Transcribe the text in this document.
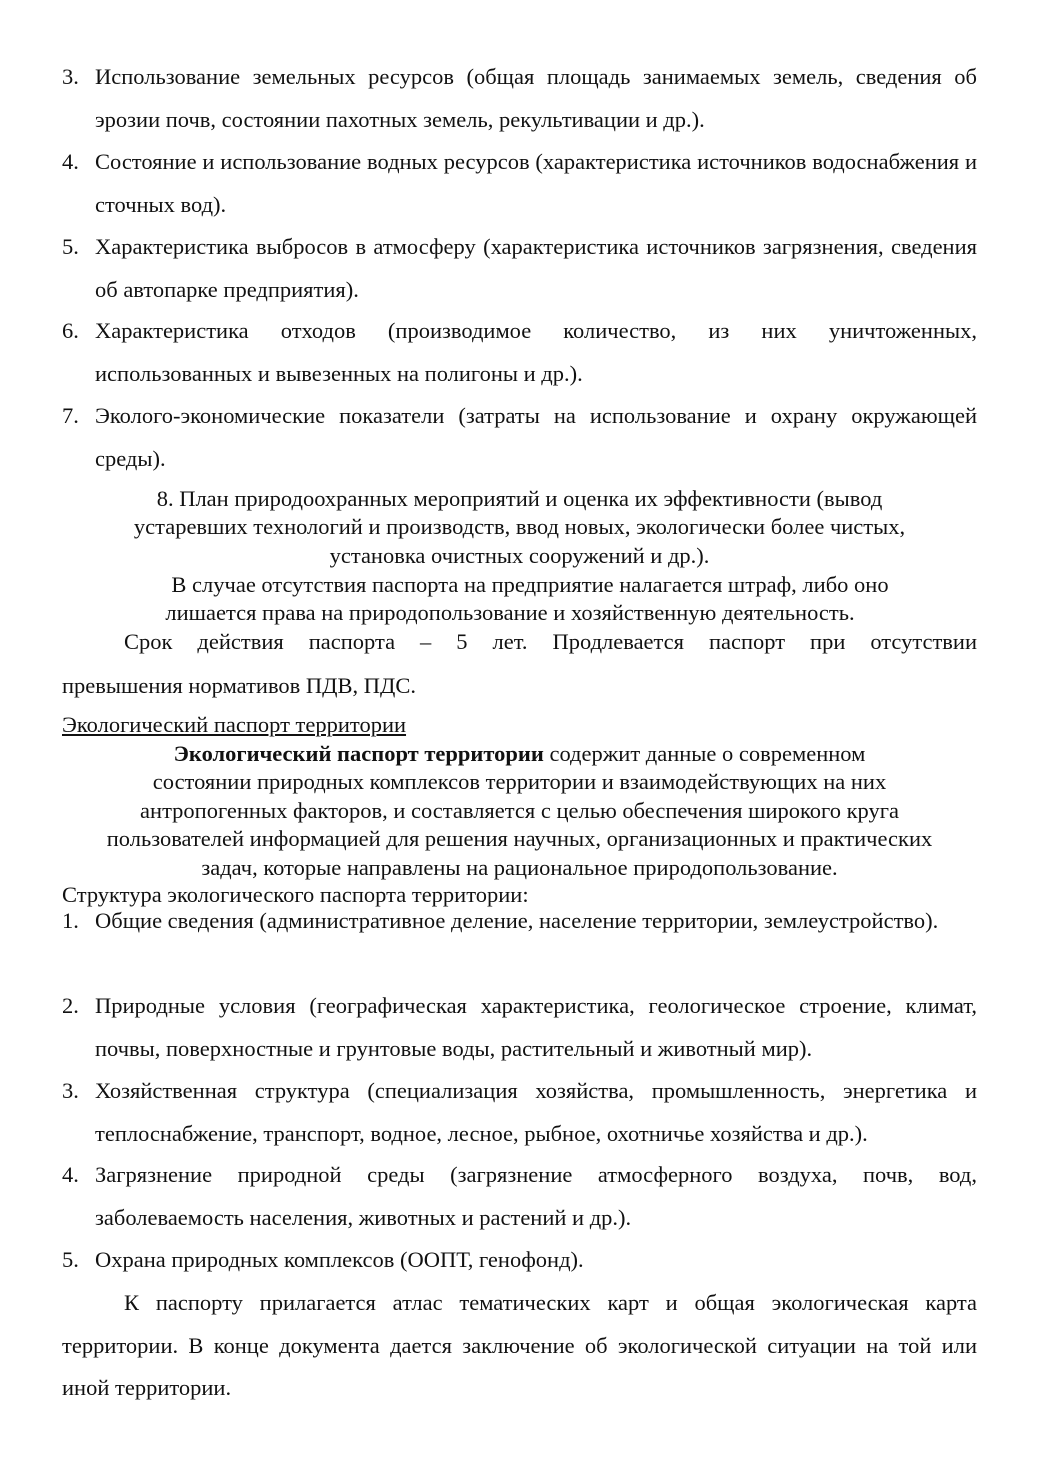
3. Использование земельных ресурсов (общая площадь занимаемых земель, сведения об эрозии почв, состоянии пахотных земель, рекультивации и др.).
4. Состояние и использование водных ресурсов (характеристика источников водоснабжения и сточных вод).
5. Характеристика выбросов в атмосферу (характеристика источников загрязнения, сведения об автопарке предприятия).
6. Характеристика отходов (производимое количество, из них уничтоженных, использованных и вывезенных на полигоны и др.).
7. Эколого-экономические показатели (затраты на использование и охрану окружающей среды).
8. План природоохранных мероприятий и оценка их эффективности (вывод
устаревших технологий и производств, ввод новых, экологически более чистых,
установка очистных сооружений и др.).
В случае отсутствия паспорта на предприятие налагается штраф, либо оно
лишается права на природопользование и хозяйственную деятельность.
Срок действия паспорта – 5 лет. Продлевается паспорт при отсутствии
превышения нормативов ПДВ, ПДС.
Экологический паспорт территории
Экологический паспорт территории содержит данные о современном
состоянии природных комплексов территории и взаимодействующих на них
антропогенных факторов, и составляется с целью обеспечения широкого круга
пользователей информацией для решения научных, организационных и практических
задач, которые направлены на рациональное природопользование.
Структура экологического паспорта территории:
1. Общие сведения (административное деление, население территории, землеустройство).
2. Природные условия (географическая характеристика, геологическое строение, климат, почвы, поверхностные и грунтовые воды, растительный и животный мир).
3. Хозяйственная структура (специализация хозяйства, промышленность, энергетика и теплоснабжение, транспорт, водное, лесное, рыбное, охотничье хозяйства и др.).
4. Загрязнение природной среды (загрязнение атмосферного воздуха, почв, вод, заболеваемость населения, животных и растений и др.).
5. Охрана природных комплексов (ООПТ, генофонд).
К паспорту прилагается атлас тематических карт и общая экологическая карта территории. В конце документа дается заключение об экологической ситуации на той или иной территории.
